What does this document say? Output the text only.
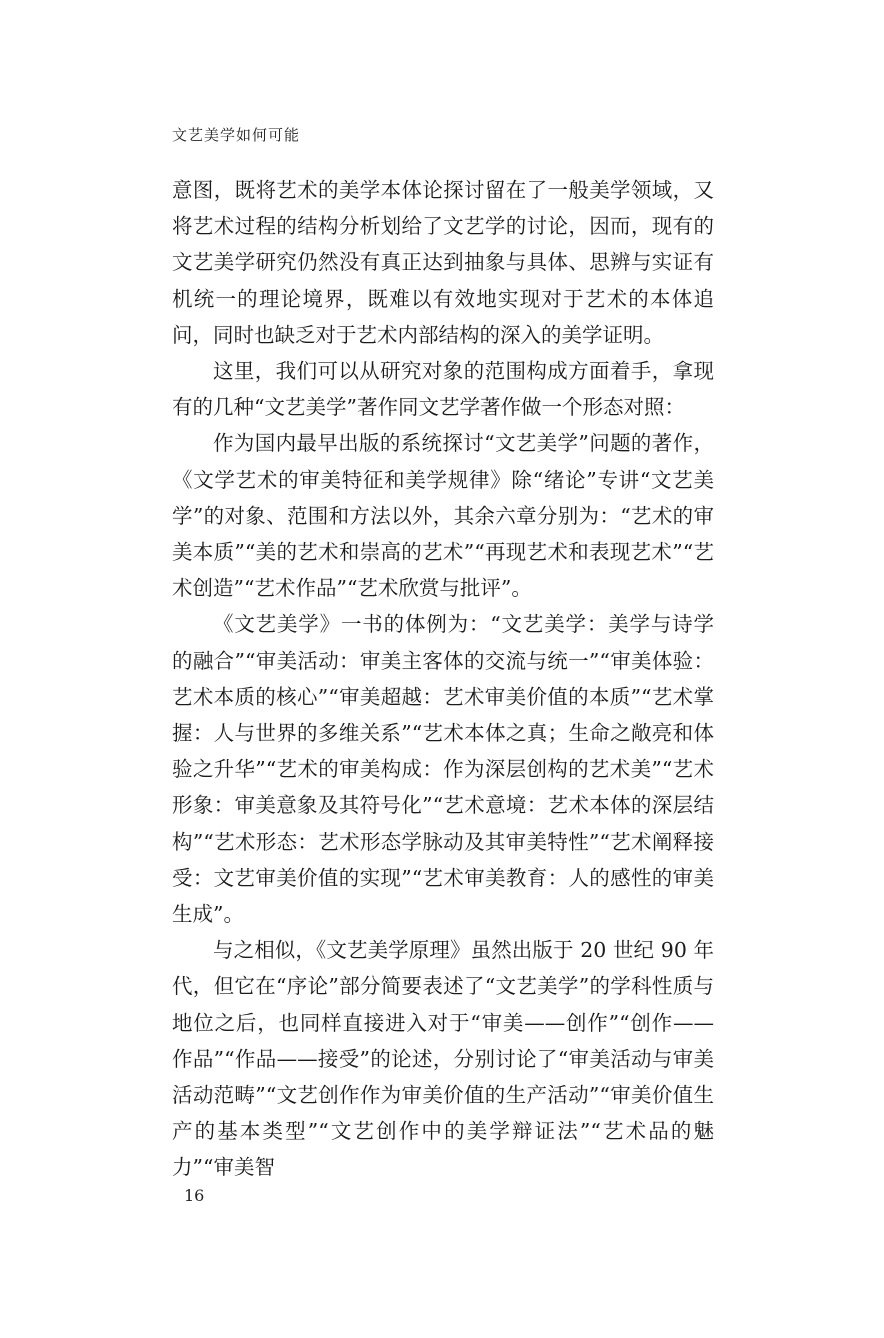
文艺美学如何可能

意图，既将艺术的美学本体论探讨留在了一般美学领域，又将艺术过程的结构分析划给了文艺学的讨论，因而，现有的文艺美学研究仍然没有真正达到抽象与具体、思辨与实证有机统一的理论境界，既难以有效地实现对于艺术的本体追问，同时也缺乏对于艺术内部结构的深入的美学证明。

这里，我们可以从研究对象的范围构成方面着手，拿现有的几种“文艺美学”著作同文艺学著作做一个形态对照：

作为国内最早出版的系统探讨“文艺美学”问题的著作，《文学艺术的审美特征和美学规律》除“绪论”专讲“文艺美学”的对象、范围和方法以外，其余六章分别为：“艺术的审美本质”“美的艺术和崇高的艺术”“再现艺术和表现艺术”“艺术创造”“艺术作品”“艺术欣赏与批评”。

《文艺美学》一书的体例为：“文艺美学：美学与诗学的融合”“审美活动：审美主客体的交流与统一”“审美体验：艺术本质的核心”“审美超越：艺术审美价值的本质”“艺术掌握：人与世界的多维关系”“艺术本体之真；生命之敞亮和体验之升华”“艺术的审美构成：作为深层创构的艺术美”“艺术形象：审美意象及其符号化”“艺术意境：艺术本体的深层结构”“艺术形态：艺术形态学脉动及其审美特性”“艺术阐释接受：文艺审美价值的实现”“艺术审美教育：人的感性的审美生成”。

与之相似，《文艺美学原理》虽然出版于 20 世纪 90 年代，但它在“序论”部分简要表述了“文艺美学”的学科性质与地位之后，也同样直接进入对于“审美——创作”“创作——作品”“作品——接受”的论述，分别讨论了“审美活动与审美活动范畴”“文艺创作作为审美价值的生产活动”“审美价值生产的基本类型”“文艺创作中的美学辩证法”“艺术品的魅力”“审美智

16
